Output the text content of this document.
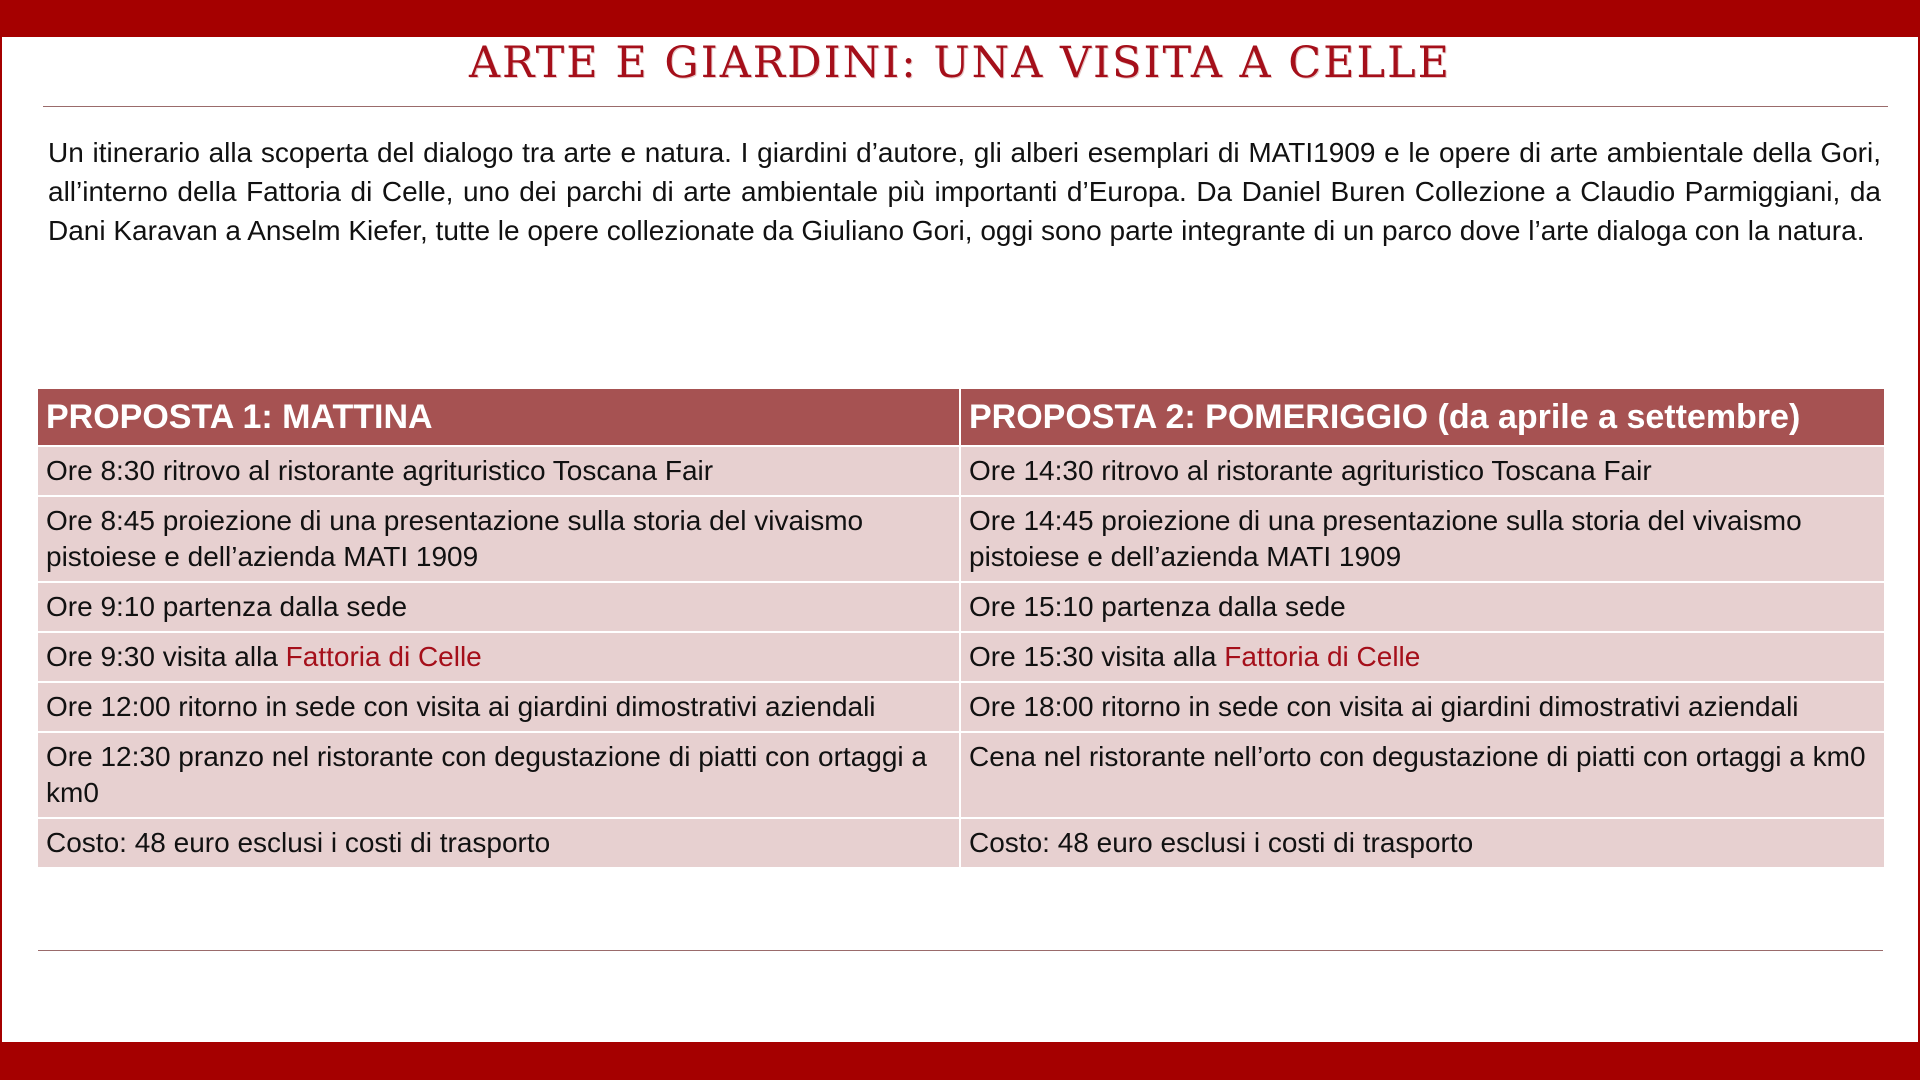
ARTE E GIARDINI: UNA VISITA A CELLE

Un itinerario alla scoperta del dialogo tra arte e natura. I giardini d’autore, gli alberi esemplari di MATI1909 e le opere di arte ambientale della Gori, all’interno della Fattoria di Celle, uno dei parchi di arte ambientale più importanti d’Europa. Da Daniel Buren Collezione a Claudio Parmiggiani, da Dani Karavan a Anselm Kiefer, tutte le opere collezionate da Giuliano Gori, oggi sono parte integrante di un parco dove l’arte dialoga con la natura.

PROPOSTA 1: MATTINA	PROPOSTA 2: POMERIGGIO (da aprile a settembre)
Ore 8:30 ritrovo al ristorante agrituristico Toscana Fair	Ore 14:30 ritrovo al ristorante agrituristico Toscana Fair
Ore 8:45 proiezione di una presentazione sulla storia del vivaismo pistoiese e dell’azienda MATI 1909	Ore 14:45 proiezione di una presentazione sulla storia del vivaismo pistoiese e dell’azienda MATI 1909
Ore 9:10 partenza dalla sede	Ore 15:10 partenza dalla sede
Ore 9:30 visita alla Fattoria di Celle	Ore 15:30 visita alla Fattoria di Celle
Ore 12:00 ritorno in sede con visita ai giardini dimostrativi aziendali	Ore 18:00 ritorno in sede con visita ai giardini dimostrativi aziendali
Ore 12:30 pranzo nel ristorante con degustazione di piatti con ortaggi a km0	Cena nel ristorante nell’orto con degustazione di piatti con ortaggi a km0
Costo: 48 euro esclusi i costi di trasporto	Costo: 48 euro esclusi i costi di trasporto
